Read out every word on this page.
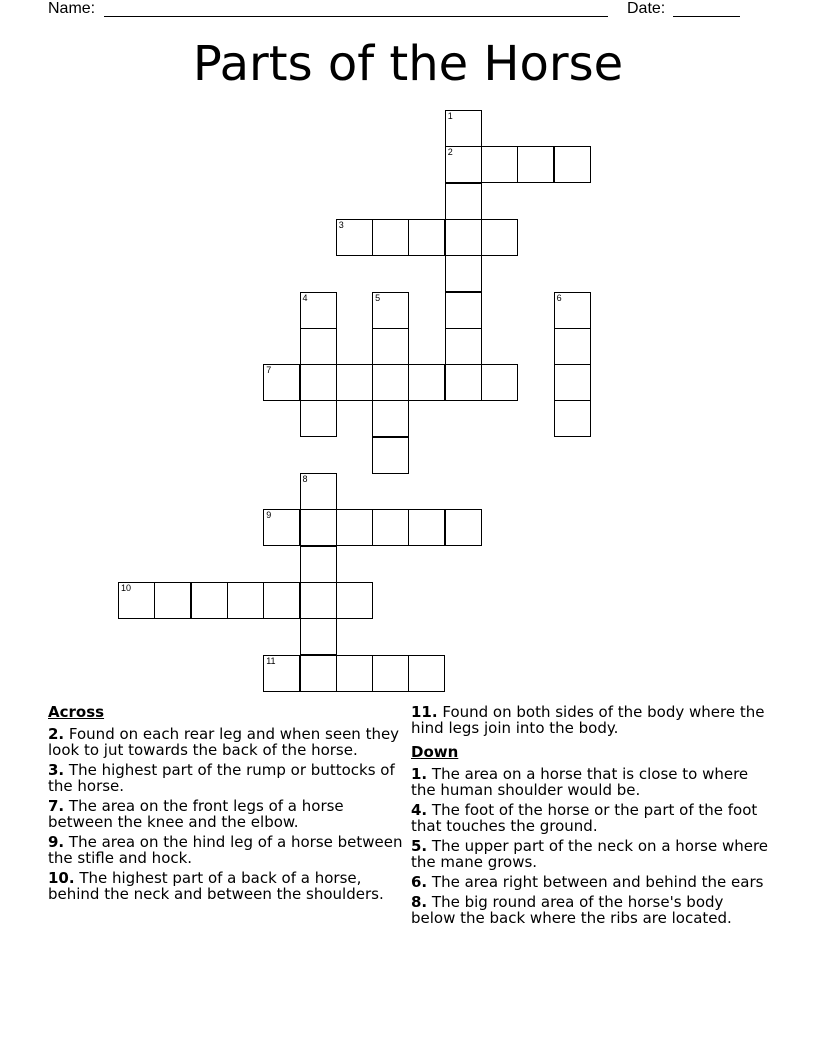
Name:	Date:
Parts of the Horse
1
2
3
4	5	6
7
8
9
10
11
Across
2. Found on each rear leg and when seen they look to jut towards the back of the horse.
3. The highest part of the rump or buttocks of the horse.
7. The area on the front legs of a horse between the knee and the elbow.
9. The area on the hind leg of a horse between the stifle and hock.
10. The highest part of a back of a horse, behind the neck and between the shoulders.
11. Found on both sides of the body where the hind legs join into the body.
Down
1. The area on a horse that is close to where the human shoulder would be.
4. The foot of the horse or the part of the foot that touches the ground.
5. The upper part of the neck on a horse where the mane grows.
6. The area right between and behind the ears
8. The big round area of the horse's body below the back where the ribs are located.
